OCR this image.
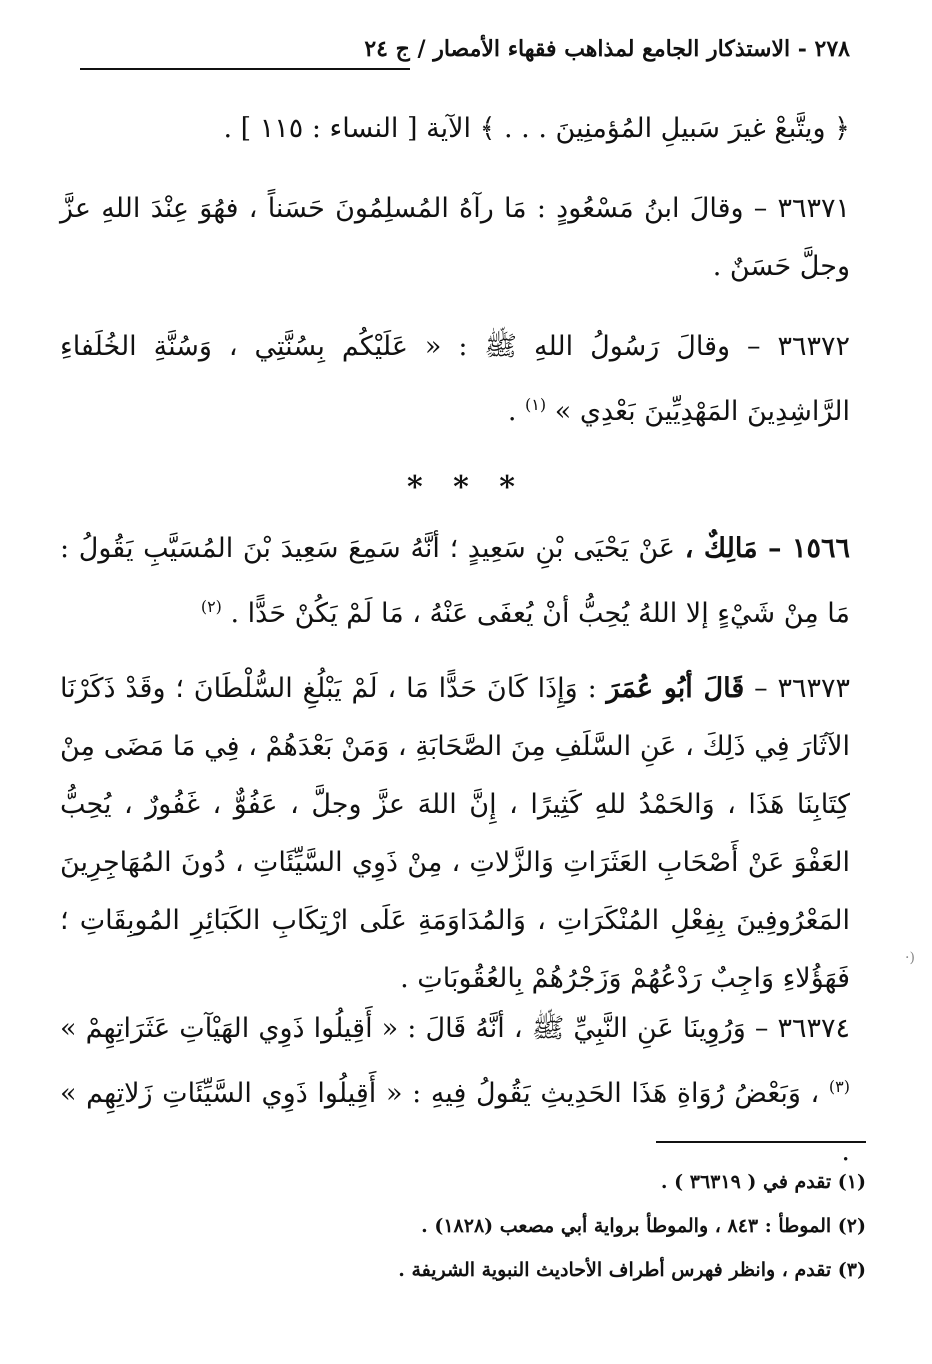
٢٧٨ - الاستذكار الجامع لمذاهب فقهاء الأمصار / ج ٢٤
﴿ ويتَّبعْ غيرَ سَبيلِ المُؤمنِينَ . . . ﴾ الآية [ النساء : ١١٥ ] .
٣٦٣٧١ – وقالَ ابنُ مَسْعُودٍ : مَا رآهُ المُسلِمُونَ حَسَناً ، فهُوَ عِنْدَ اللهِ عزَّ وجلَّ حَسَنٌ .
٣٦٣٧٢ – وقالَ رَسُولُ اللهِ ﷺ : « عَلَيْكُم بِسُنَّتِي ، وَسُنَّةِ الخُلَفاءِ الرَّاشِدِينَ المَهْدِيِّينَ بَعْدِي » $^{(١)}$ .
* * *
١٥٦٦ – مَالِكٌ ، عَنْ يَحْيَى بْنِ سَعِيدٍ ؛ أنَّهُ سَمِعَ سَعِيدَ بْنَ المُسَيَّبِ يَقُولُ : مَا مِنْ شَيْءٍ إلا اللهُ يُحِبُّ أنْ يُعفَى عَنْهُ ، مَا لَمْ يَكُنْ حَدًّا . $^{(٢)}$
٣٦٣٧٣ – قَالَ أبُو عُمَرَ : وَإِذَا كَانَ حَدًّا مَا ، لَمْ يَبْلُغِ السُّلْطَانَ ؛ وقَدْ ذَكَرْنَا الآثَارَ فِي ذَلِكَ ، عَنِ السَّلَفِ مِنَ الصَّحَابَةِ ، وَمَنْ بَعْدَهُمْ ، فِي مَا مَضَى مِنْ كِتَابِنَا هَذَا ، وَالحَمْدُ للهِ كَثِيرًا ، إِنَّ اللهَ عزَّ وجلَّ ، عَفُوٌّ ، غَفُورٌ ، يُحِبُّ العَفْوَ عَنْ أَصْحَابِ العَثَرَاتِ وَالزَّلاتِ ، مِنْ ذَوِي السَّيِّئَاتِ ، دُونَ المُهَاجِرِينَ المَعْرُوفِينَ بِفِعْلِ المُنْكَرَاتِ ، وَالمُدَاوَمَةِ عَلَى ارْتِكَابِ الكَبَائِرِ المُوبِقَاتِ ؛ فَهَؤُلاءِ وَاجِبٌ رَدْعُهُمْ وَزَجْرُهُمْ بِالعُقُوبَاتِ .
٣٦٣٧٤ – وَرُوِينَا عَنِ النَّبِيِّ ﷺ ، أنَّهُ قَالَ : « أَقِيلُوا ذَوِي الهَيْآتِ عَثَرَاتِهِمْ » $^{(٣)}$ ، وَبَعْضُ رُوَاةِ هَذَا الحَدِيثِ يَقُولُ فِيهِ : « أَقِيلُوا ذَوِي السَّيِّئَاتِ زَلاتِهِم » .
(١) تقدم في ( ٣٦٣١٩ ) .
(٢) الموطأ : ٨٤٣ ، والموطأ برواية أبي مصعب (١٨٢٨) .
(٣) تقدم ، وانظر فهرس أطراف الأحاديث النبوية الشريفة .
(·
